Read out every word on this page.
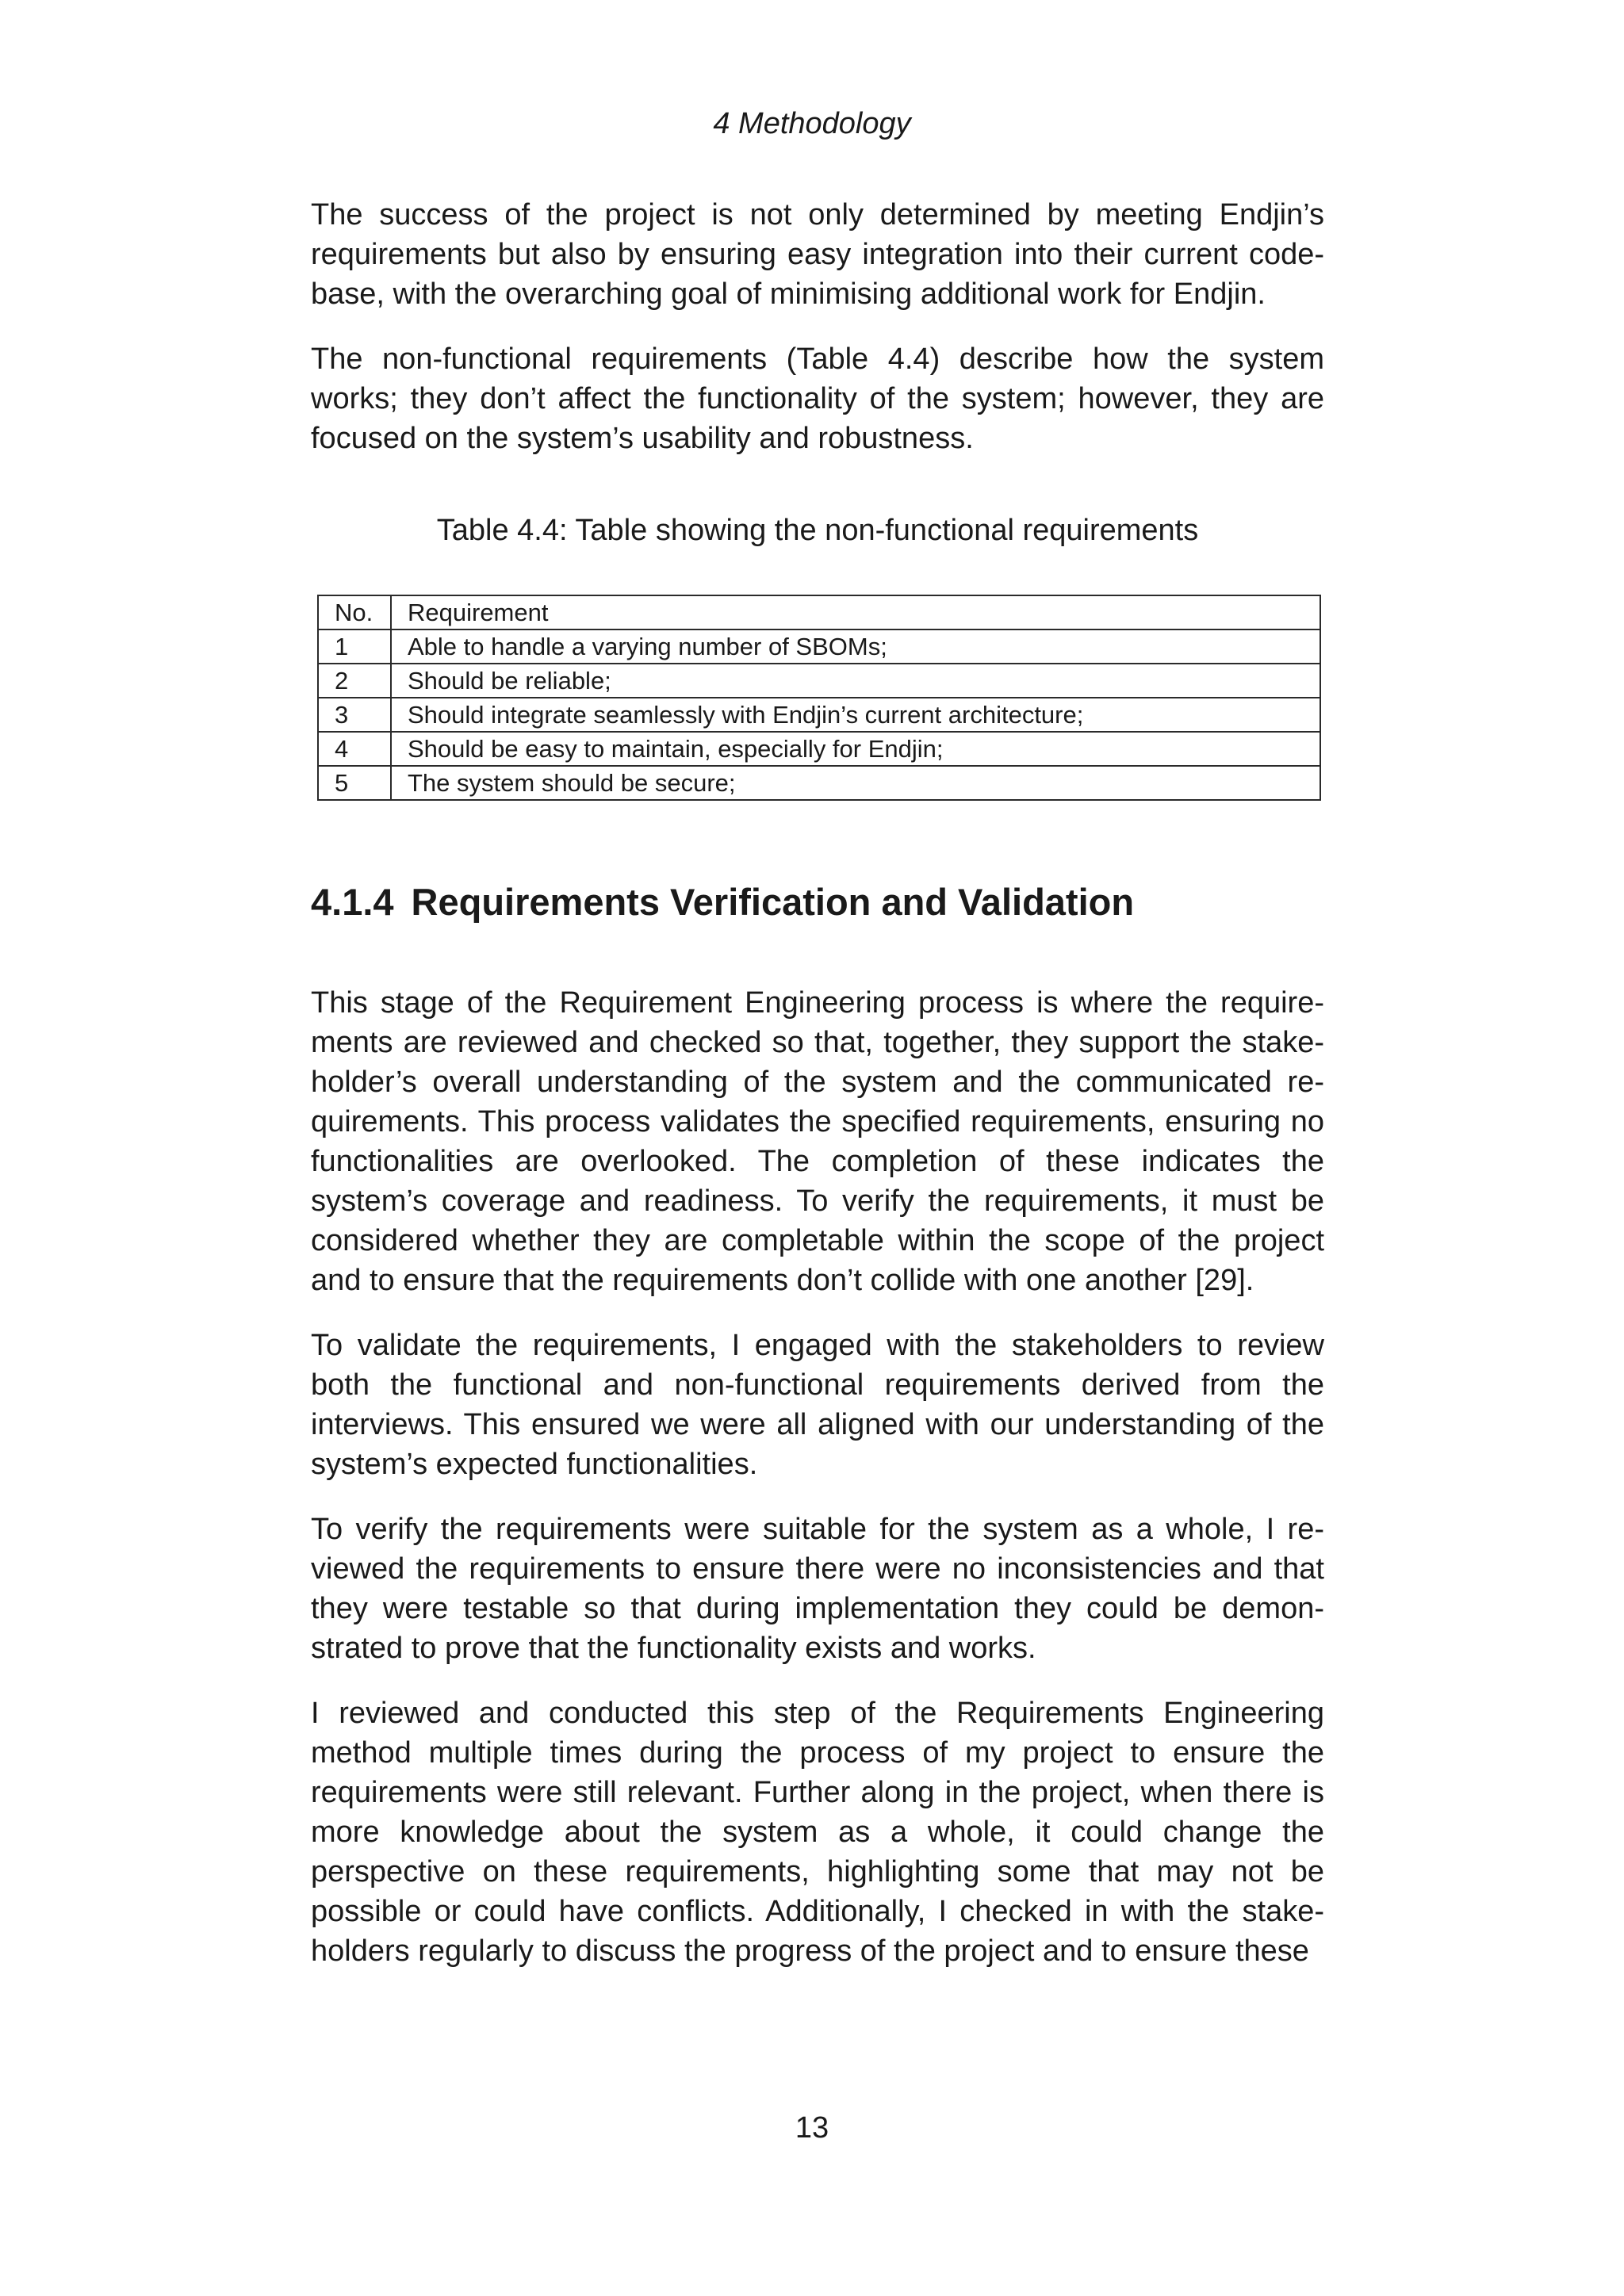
4 Methodology

The success of the project is not only determined by meeting Endjin’s requirements but also by ensuring easy integration into their current codebase, with the overarching goal of minimising additional work for Endjin.

The non-functional requirements (Table 4.4) describe how the system works; they don’t affect the functionality of the system; however, they are focused on the system’s usability and robustness.

Table 4.4: Table showing the non-functional requirements
No.	Requirement
1	Able to handle a varying number of SBOMs;
2	Should be reliable;
3	Should integrate seamlessly with Endjin’s current architecture;
4	Should be easy to maintain, especially for Endjin;
5	The system should be secure;
4.1.4 Requirements Verification and Validation

This stage of the Requirement Engineering process is where the requirements are reviewed and checked so that, together, they support the stakeholder’s overall understanding of the system and the communicated requirements. This process validates the specified requirements, ensuring no functionalities are overlooked. The completion of these indicates the system’s coverage and readiness. To verify the requirements, it must be considered whether they are completable within the scope of the project and to ensure that the requirements don’t collide with one another [29].

To validate the requirements, I engaged with the stakeholders to review both the functional and non-functional requirements derived from the interviews. This ensured we were all aligned with our understanding of the system’s expected functionalities.

To verify the requirements were suitable for the system as a whole, I reviewed the requirements to ensure there were no inconsistencies and that they were testable so that during implementation they could be demonstrated to prove that the functionality exists and works.

I reviewed and conducted this step of the Requirements Engineering method multiple times during the process of my project to ensure the requirements were still relevant. Further along in the project, when there is more knowledge about the system as a whole, it could change the perspective on these requirements, highlighting some that may not be possible or could have conflicts. Additionally, I checked in with the stakeholders regularly to discuss the progress of the project and to ensure these

13
